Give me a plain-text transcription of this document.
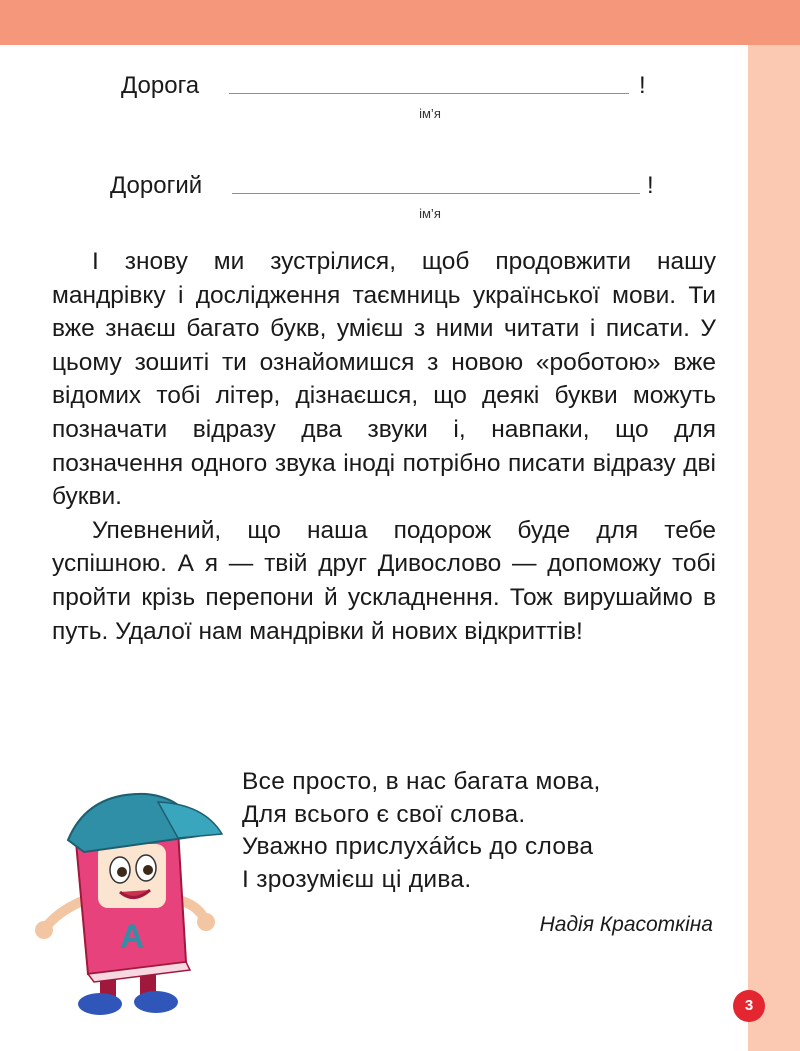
Дорога	!
ім’я
Дорогий	!
ім’я

І знову ми зустрілися, щоб продовжити нашу мандрівку і дослідження таємниць української мови. Ти вже знаєш багато букв, умієш з ними читати і писати. У цьому зошиті ти ознайомишся з новою «роботою» вже відомих тобі літер, дізнаєшся, що деякі букви можуть позначати відразу два звуки і, навпаки, що для позначення одного звука іноді потрібно писати відразу дві букви.

Упевнений, що наша подорож буде для тебе успішною. А я — твій друг Дивослово — допоможу тобі пройти крізь перепони й ускладнення. Тож вирушаймо в путь. Удалої нам мандрівки й нових відкриттів!

A
Все просто, в нас багата мова,
Для всього є свої слова.
Уважно прислухáйсь до слова
І зрозумієш ці дива.
Надія Красоткіна
3
